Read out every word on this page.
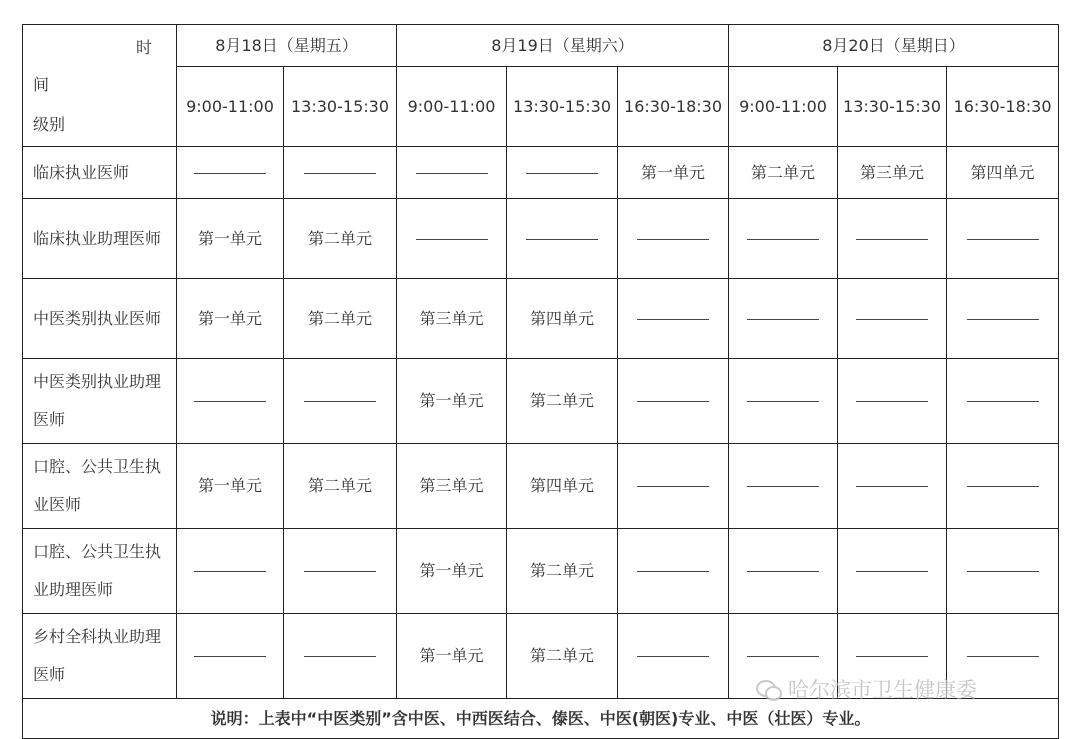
时
间
级别	8月18日（星期五）		8月19日（星期六）			8月20日（星期日）		
	9:00-11:00	13:30-15:30	9:00-11:00	13:30-15:30	16:30-18:30	9:00-11:00	13:30-15:30	16:30-18:30
临床执业医师					第一单元	第二单元	第三单元	第四单元
临床执业助理医师	第一单元	第二单元						
中医类别执业医师	第一单元	第二单元	第三单元	第四单元				
中医类别执业助理医师			第一单元	第二单元				
口腔、公共卫生执业医师	第一单元	第二单元	第三单元	第四单元				
口腔、公共卫生执业助理医师			第一单元	第二单元				
乡村全科执业助理医师			第一单元	第二单元				
说明：上表中“中医类别”含中医、中西医结合、傣医、中医(朝医)专业、中医（壮医）专业。								
哈尔滨市卫生健康委
